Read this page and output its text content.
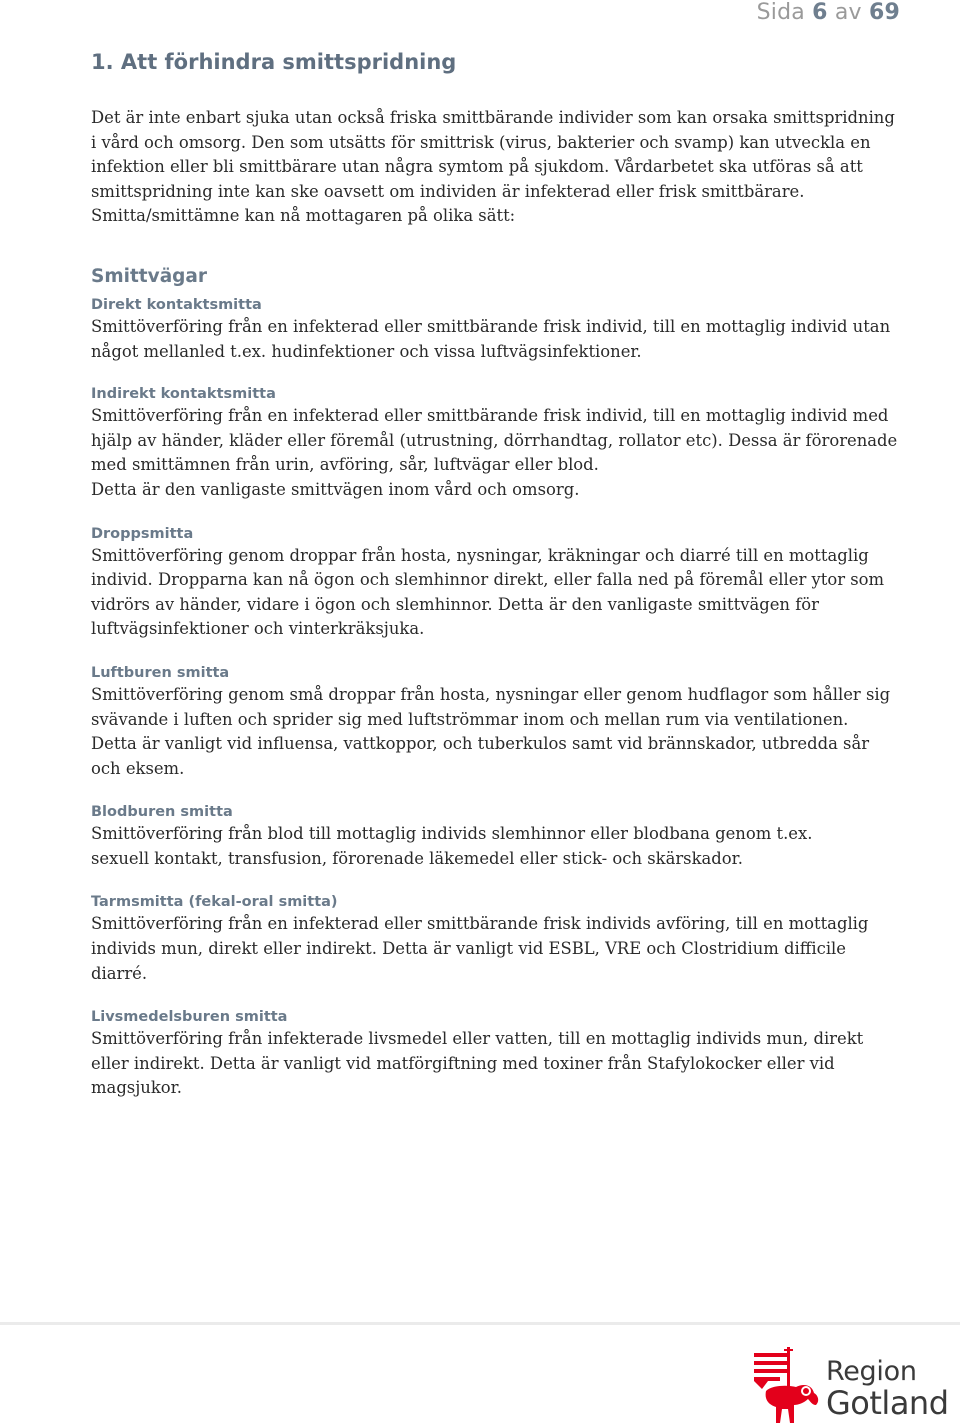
Sida 6 av 69
1. Att förhindra smittspridning

Det är inte enbart sjuka utan också friska smittbärande individer som kan orsaka smittspridning i vård och omsorg. Den som utsätts för smittrisk (virus, bakterier och svamp) kan utveckla en infektion eller bli smittbärare utan några symtom på sjukdom. Vårdarbetet ska utföras så att smittspridning inte kan ske oavsett om individen är infekterad eller frisk smittbärare. Smitta/smittämne kan nå mottagaren på olika sätt:

Smittvägar
Direkt kontaktsmitta

Smittöverföring från en infekterad eller smittbärande frisk individ, till en mottaglig individ utan något mellanled t.ex. hudinfektioner och vissa luftvägsinfektioner.

Indirekt kontaktsmitta

Smittöverföring från en infekterad eller smittbärande frisk individ, till en mottaglig individ med hjälp av händer, kläder eller föremål (utrustning, dörrhandtag, rollator etc). Dessa är förorenade med smittämnen från urin, avföring, sår, luftvägar eller blod.

Detta är den vanligaste smittvägen inom vård och omsorg.

Droppsmitta

Smittöverföring genom droppar från hosta, nysningar, kräkningar och diarré till en mottaglig individ. Dropparna kan nå ögon och slemhinnor direkt, eller falla ned på föremål eller ytor som vidrörs av händer, vidare i ögon och slemhinnor. Detta är den vanligaste smittvägen för luftvägsinfektioner och vinterkräksjuka.

Luftburen smitta

Smittöverföring genom små droppar från hosta, nysningar eller genom hudflagor som håller sig svävande i luften och sprider sig med luftströmmar inom och mellan rum via ventilationen.

Detta är vanligt vid influensa, vattkoppor, och tuberkulos samt vid brännskador, utbredda sår och eksem.

Blodburen smitta

Smittöverföring från blod till mottaglig individs slemhinnor eller blodbana genom t.ex.

sexuell kontakt, transfusion, förorenade läkemedel eller stick- och skärskador.

Tarmsmitta (fekal-oral smitta)

Smittöverföring från en infekterad eller smittbärande frisk individs avföring, till en mottaglig individs mun, direkt eller indirekt. Detta är vanligt vid ESBL, VRE och Clostridium difficile diarré.

Livsmedelsburen smitta

Smittöverföring från infekterade livsmedel eller vatten, till en mottaglig individs mun, direkt eller indirekt. Detta är vanligt vid matförgiftning med toxiner från Stafylokocker eller vid magsjukor.

Region
Gotland
